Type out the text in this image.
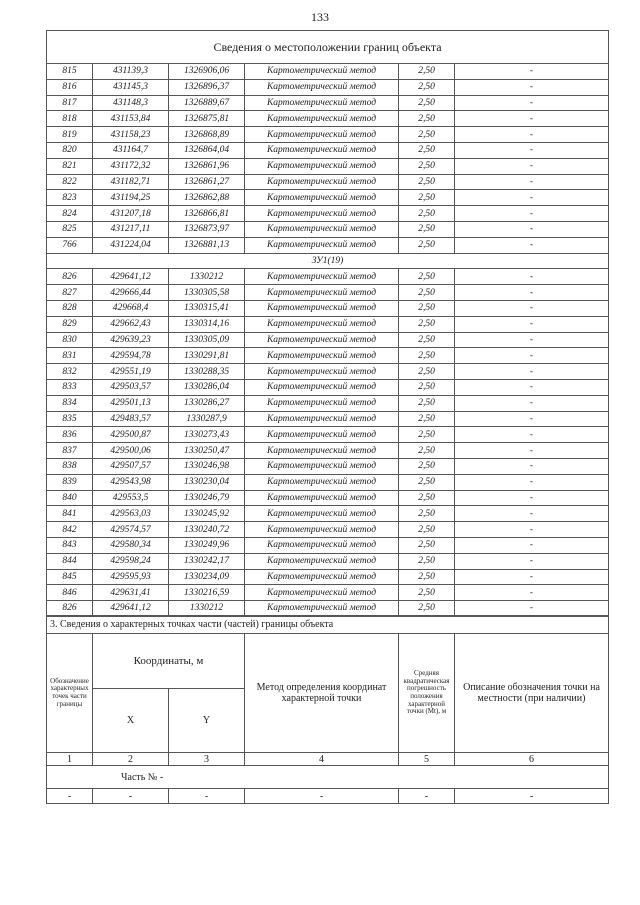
133
Сведения о местоположении границ объекта					
815	431139,3	1326906,06	Картометрический метод	2,50	-
816	431145,3	1326896,37	Картометрический метод	2,50	-
817	431148,3	1326889,67	Картометрический метод	2,50	-
818	431153,84	1326875,81	Картометрический метод	2,50	-
819	431158,23	1326868,89	Картометрический метод	2,50	-
820	431164,7	1326864,04	Картометрический метод	2,50	-
821	431172,32	1326861,96	Картометрический метод	2,50	-
822	431182,71	1326861,27	Картометрический метод	2,50	-
823	431194,25	1326862,88	Картометрический метод	2,50	-
824	431207,18	1326866,81	Картометрический метод	2,50	-
825	431217,11	1326873,97	Картометрический метод	2,50	-
766	431224,04	1326881,13	Картометрический метод	2,50	-
ЗУ1(19)					
826	429641,12	1330212	Картометрический метод	2,50	-
827	429666,44	1330305,58	Картометрический метод	2,50	-
828	429668,4	1330315,41	Картометрический метод	2,50	-
829	429662,43	1330314,16	Картометрический метод	2,50	-
830	429639,23	1330305,09	Картометрический метод	2,50	-
831	429594,78	1330291,81	Картометрический метод	2,50	-
832	429551,19	1330288,35	Картометрический метод	2,50	-
833	429503,57	1330286,04	Картометрический метод	2,50	-
834	429501,13	1330286,27	Картометрический метод	2,50	-
835	429483,57	1330287,9	Картометрический метод	2,50	-
836	429500,87	1330273,43	Картометрический метод	2,50	-
837	429500,06	1330250,47	Картометрический метод	2,50	-
838	429507,57	1330246,98	Картометрический метод	2,50	-
839	429543,98	1330230,04	Картометрический метод	2,50	-
840	429553,5	1330246,79	Картометрический метод	2,50	-
841	429563,03	1330245,92	Картометрический метод	2,50	-
842	429574,57	1330240,72	Картометрический метод	2,50	-
843	429580,34	1330249,96	Картометрический метод	2,50	-
844	429598,24	1330242,17	Картометрический метод	2,50	-
845	429595,93	1330234,09	Картометрический метод	2,50	-
846	429631,41	1330216,59	Картометрический метод	2,50	-
826	429641,12	1330212	Картометрический метод	2,50	-
3. Сведения о характерных точках части (частей) границы объекта					
Обозначение характерных точек части границы	Координаты, м		Метод определения координат характерной точки	Средняя квадратическая погрешность положения характерной точки (Мt), м	Описание обозначения точки на местности (при наличии)
	X	Y			
1	2	3	4	5	6
Часть № -					
-	-	-	-	-	-
